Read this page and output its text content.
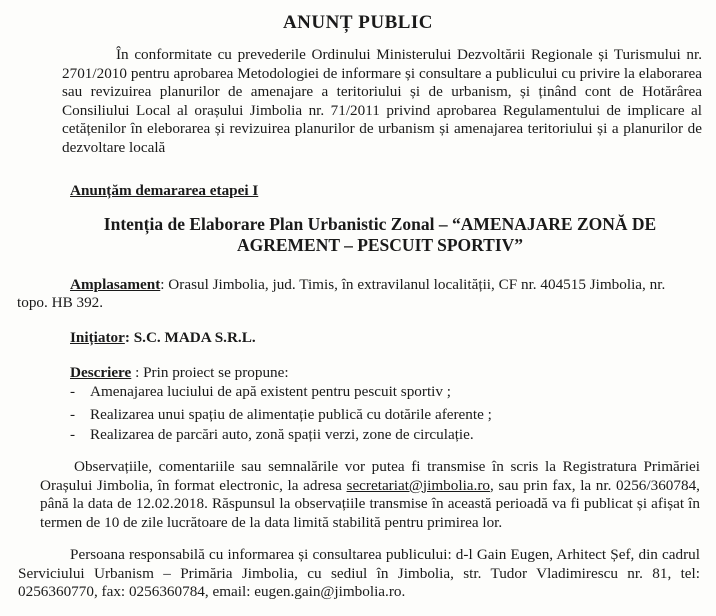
ANUNȚ PUBLIC
În conformitate cu prevederile Ordinului Ministerului Dezvoltării Regionale și Turismului nr. 2701/2010 pentru aprobarea Metodologiei de informare și consultare a publicului cu privire la elaborarea sau revizuirea planurilor de amenajare a teritoriului și de urbanism, și ținând cont de Hotărârea Consiliului Local al orașului Jimbolia nr. 71/2011 privind aprobarea Regulamentului de implicare al cetățenilor în eleborarea și revizuirea planurilor de urbanism și amenajarea teritoriului și a planurilor de dezvoltare locală
Anunțăm demararea etapei I
Intenția de Elaborare Plan Urbanistic Zonal – “AMENAJARE ZONĂ DE
AGREMENT – PESCUIT SPORTIV”
Amplasament: Orasul Jimbolia, jud. Timis, în extravilanul localității, CF nr. 404515 Jimbolia, nr.
topo. HB 392.
Inițiator: S.C. MADA S.R.L.
Descriere : Prin proiect se propune:
- Amenajarea luciului de apă existent pentru pescuit sportiv ;
- Realizarea unui spațiu de alimentație publică cu dotările aferente ;
- Realizarea de parcări auto, zonă spații verzi, zone de circulație.
Observațiile, comentariile sau semnalările vor putea fi transmise în scris la Registratura Primăriei Orașului Jimbolia, în format electronic, la adresa secretariat@jimbolia.ro, sau prin fax, la nr. 0256/360784, până la data de 12.02.2018. Răspunsul la observațiile transmise în această perioadă va fi publicat și afișat în termen de 10 de zile lucrătoare de la data limită stabilită pentru primirea lor.
Persoana responsabilă cu informarea și consultarea publicului: d-l Gain Eugen, Arhitect Șef, din cadrul Serviciului Urbanism – Primăria Jimbolia, cu sediul în Jimbolia, str. Tudor Vladimirescu nr. 81, tel: 0256360770, fax: 0256360784, email: eugen.gain@jimbolia.ro.
